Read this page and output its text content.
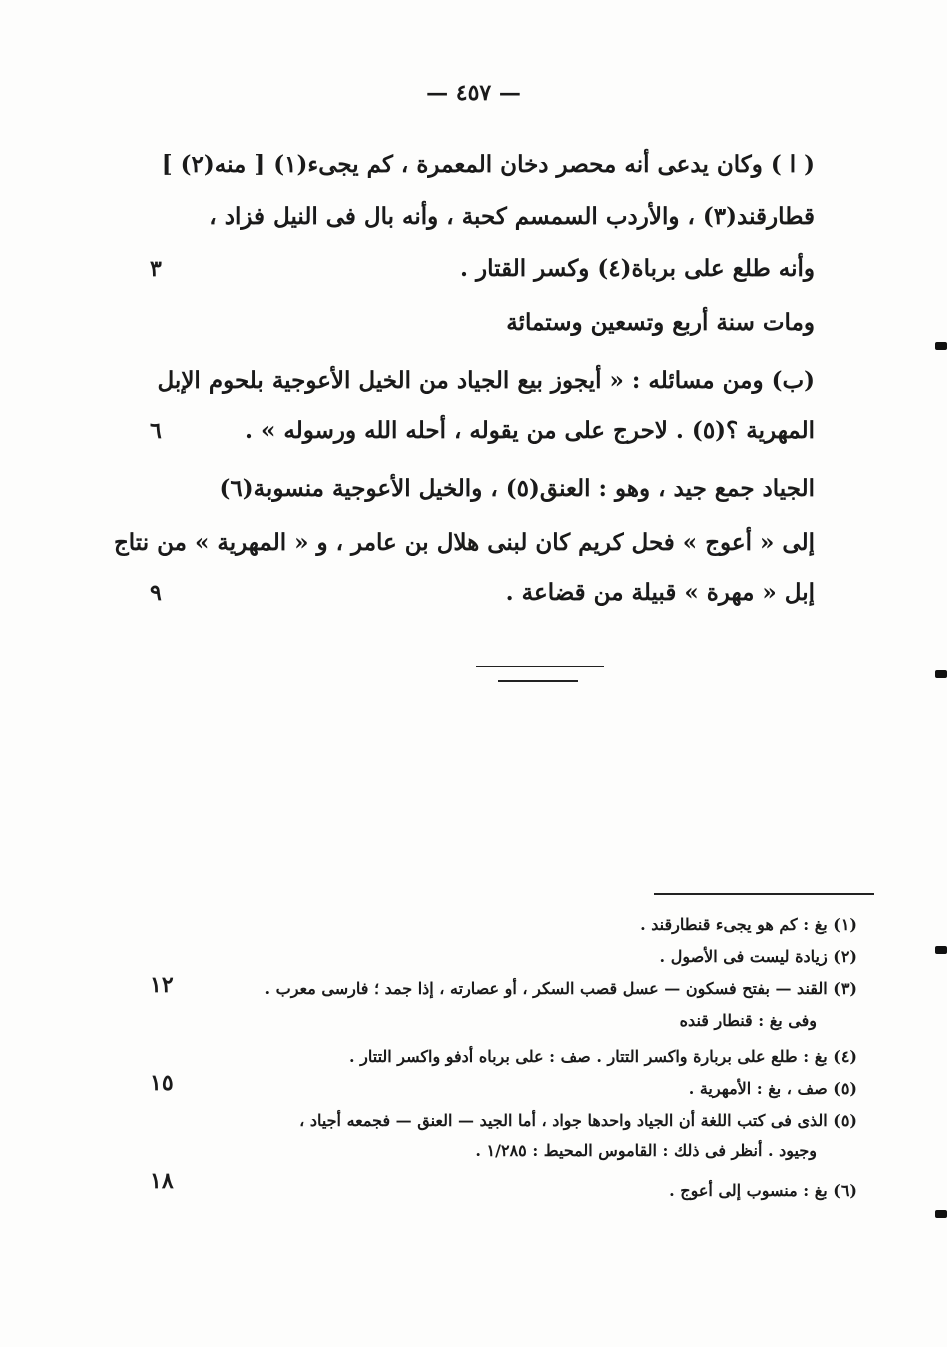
— ٤٥٧ —
( ا ) وكان يدعى أنه محصر دخان المعمرة ، كم يجىء(١) [ منه(٢) ]
قطارقند(٣) ، والأردب السمسم كحبة ، وأنه بال فى النيل فزاد ،
وأنه طلع على برباة(٤) وكسر القتار .
ومات سنة أربع وتسعين وستمائة
(ب) ومن مسائله : « أيجوز بيع الجياد من الخيل الأعوجية بلحوم الإبل
المهرية ؟(٥) . لاحرج على من يقوله ، أحله الله ورسوله » .
الجياد جمع جيد ، وهو : العنق(٥) ، والخيل الأعوجية منسوبة(٦)
إلى « أعوج » فحل كريم كان لبنى هلال بن عامر ، و « المهرية » من نتاج
إبل « مهرة » قبيلة من قضاعة .
٣
٦
٩
١٢
١٥
١٨
(١) بغ : كم هو يجىء قنطارقند .
(٢) زيادة ليست فى الأصول .
(٣) القند — بفتح فسكون — عسل قصب السكر ، أو عصارته ، إذا جمد ؛ فارسى معرب .
وفى بغ : قنطار قنده
(٤) بغ : طلع على بربارة واكسر التتار . صف : على برباه أدفو واكسر التتار .
(٥) صف ، بغ : الأمهرية .
(٥) الذى فى كتب اللغة أن الجياد واحدها جواد ، أما الجيد — العنق — فجمعه أجياد ،
وجيود . أنظر فى ذلك : القاموس المحيط : ١/٢٨٥ .
(٦) بغ : منسوب إلى أعوج .
